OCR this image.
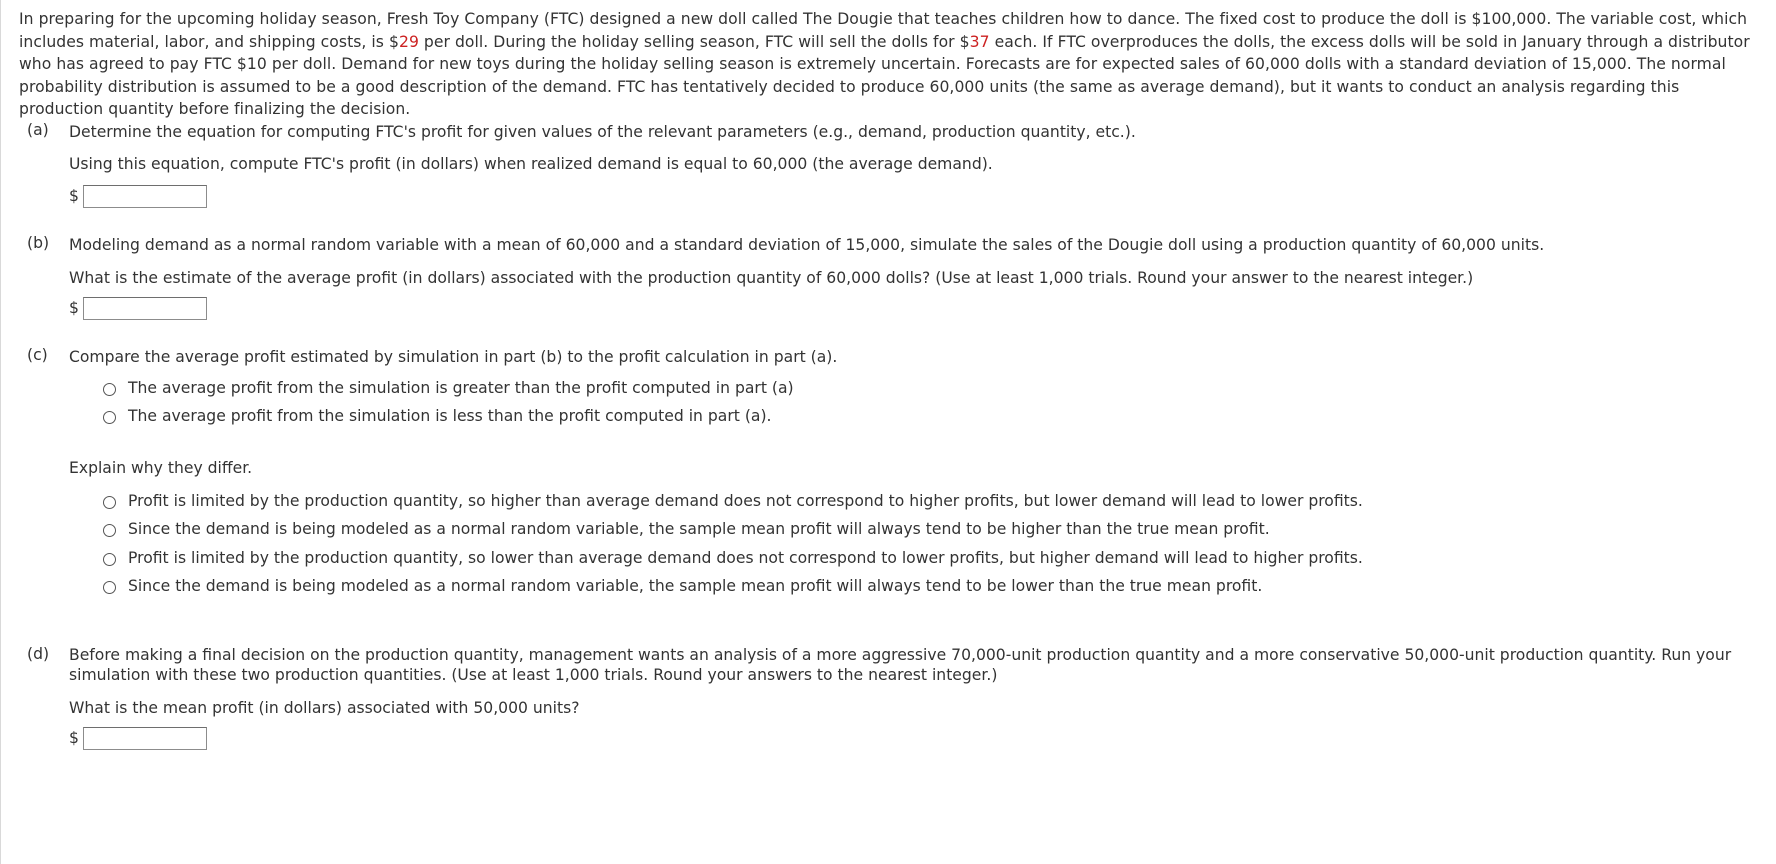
In preparing for the upcoming holiday season, Fresh Toy Company (FTC) designed a new doll called The Dougie that teaches children how to dance. The fixed cost to produce the doll is $100,000. The variable cost, which includes material, labor, and shipping costs, is $29 per doll. During the holiday selling season, FTC will sell the dolls for $37 each. If FTC overproduces the dolls, the excess dolls will be sold in January through a distributor who has agreed to pay FTC $10 per doll. Demand for new toys during the holiday selling season is extremely uncertain. Forecasts are for expected sales of 60,000 dolls with a standard deviation of 15,000. The normal probability distribution is assumed to be a good description of the demand. FTC has tentatively decided to produce 60,000 units (the same as average demand), but it wants to conduct an analysis regarding this production quantity before finalizing the decision.

(a) Determine the equation for computing FTC's profit for given values of the relevant parameters (e.g., demand, production quantity, etc.).
Using this equation, compute FTC's profit (in dollars) when realized demand is equal to 60,000 (the average demand).
$
(b) Modeling demand as a normal random variable with a mean of 60,000 and a standard deviation of 15,000, simulate the sales of the Dougie doll using a production quantity of 60,000 units.
What is the estimate of the average profit (in dollars) associated with the production quantity of 60,000 dolls? (Use at least 1,000 trials. Round your answer to the nearest integer.)
$
(c) Compare the average profit estimated by simulation in part (b) to the profit calculation in part (a).
The average profit from the simulation is greater than the profit computed in part (a)
The average profit from the simulation is less than the profit computed in part (a).
Explain why they differ.
Profit is limited by the production quantity, so higher than average demand does not correspond to higher profits, but lower demand will lead to lower profits.
Since the demand is being modeled as a normal random variable, the sample mean profit will always tend to be higher than the true mean profit.
Profit is limited by the production quantity, so lower than average demand does not correspond to lower profits, but higher demand will lead to higher profits.
Since the demand is being modeled as a normal random variable, the sample mean profit will always tend to be lower than the true mean profit.
(d) Before making a final decision on the production quantity, management wants an analysis of a more aggressive 70,000-unit production quantity and a more conservative 50,000-unit production quantity. Run your simulation with these two production quantities. (Use at least 1,000 trials. Round your answers to the nearest integer.)
What is the mean profit (in dollars) associated with 50,000 units?
$
